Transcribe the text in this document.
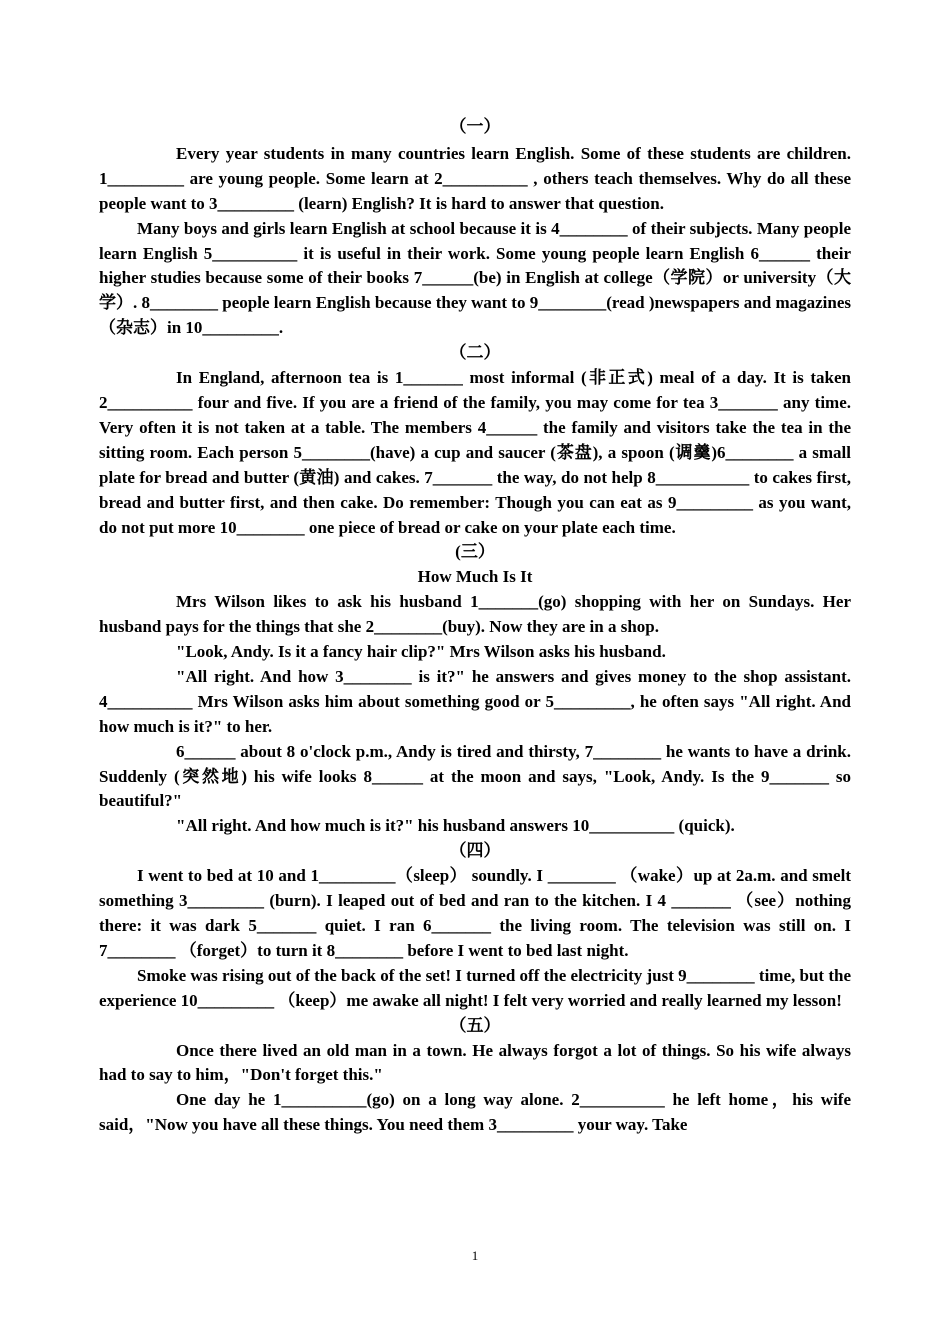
（一）

Every year students in many countries learn English. Some of these students are children. 1_________ are young people. Some learn at 2__________ , others teach themselves. Why do all these people want to 3_________ (learn) English? It is hard to answer that question.

Many boys and girls learn English at school because it is 4________ of their subjects. Many people learn English 5__________ it is useful in their work. Some young people learn English 6______ their higher studies because some of their books 7______(be) in English at college（学院）or university（大学）. 8________ people learn English because they want to 9________(read )newspapers and magazines（杂志）in 10_________.

（二）

In England, afternoon tea is 1_______ most informal (非正式) meal of a day. It is taken 2__________ four and five. If you are a friend of the family, you may come for tea 3_______ any time. Very often it is not taken at a table. The members 4______ the family and visitors take the tea in the sitting room. Each person 5________(have) a cup and saucer (茶盘), a spoon (调羹)6________ a small plate for bread and butter (黄油) and cakes. 7_______ the way, do not help 8___________ to cakes first, bread and butter first, and then cake. Do remember: Though you can eat as 9_________ as you want, do not put more 10________ one piece of bread or cake on your plate each time.

(三）

How Much Is It

Mrs Wilson likes to ask his husband 1_______(go) shopping with her on Sundays. Her husband pays for the things that she 2________(buy). Now they are in a shop.

"Look, Andy. Is it a fancy hair clip?" Mrs Wilson asks his husband.

"All right. And how 3________ is it?" he answers and gives money to the shop assistant. 4__________ Mrs Wilson asks him about something good or 5_________, he often says "All right. And how much is it?" to her.

6______ about 8 o'clock p.m., Andy is tired and thirsty, 7________ he wants to have a drink. Suddenly (突然地) his wife looks 8______ at the moon and says, "Look, Andy. Is the 9_______ so beautiful?"

"All right. And how much is it?" his husband answers 10__________ (quick).

（四）

I went to bed at 10 and 1_________（sleep） soundly. I ________ （wake）up at 2a.m. and smelt something 3_________ (burn). I leaped out of bed and ran to the kitchen. I 4 _______ （see）nothing there: it was dark 5_______ quiet. I ran 6_______ the living room. The television was still on. I 7________ （forget）to turn it 8________ before I went to bed last night.

Smoke was rising out of the back of the set! I turned off the electricity just 9________ time, but the experience 10_________ （keep）me awake all night! I felt very worried and really learned my lesson!

（五）

Once there lived an old man in a town. He always forgot a lot of things. So his wife always had to say to him，"Don't forget this."

One day he 1__________(go) on a long way alone. 2__________ he left home，his wife said，"Now you have all these things. You need them 3_________ your way. Take

1
